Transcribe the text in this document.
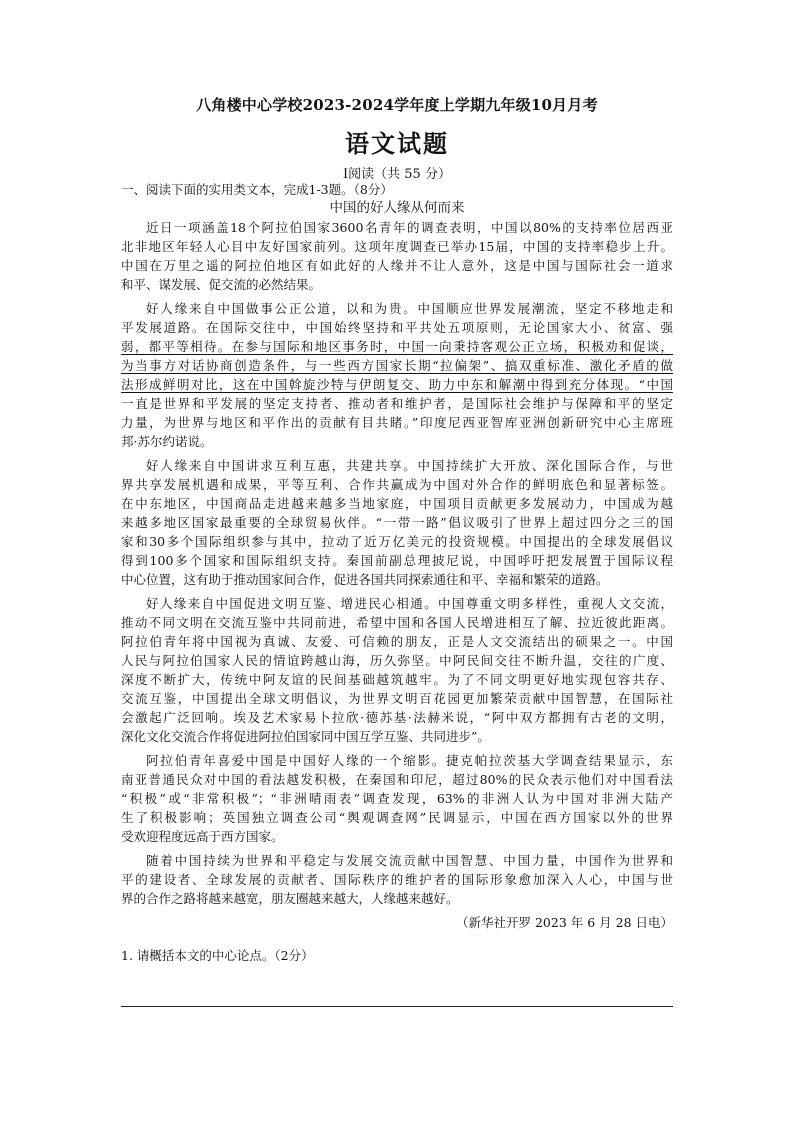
八角楼中心学校2023-2024学年度上学期九年级10月月考
语文试题
Ⅰ阅读（共 55 分）
一、阅读下面的实用类文本，完成1-3题。（8分）
中国的好人缘从何而来
近日一项涵盖18个阿拉伯国家3600名青年的调查表明，中国以80%的支持率位居西亚
北非地区年轻人心目中友好国家前列。这项年度调查已举办15届，中国的支持率稳步上升。
中国在万里之遥的阿拉伯地区有如此好的人缘并不让人意外，这是中国与国际社会一道求
和平、谋发展、促交流的必然结果。
好人缘来自中国做事公正公道，以和为贵。中国顺应世界发展潮流，坚定不移地走和
平发展道路。在国际交往中，中国始终坚持和平共处五项原则，无论国家大小、贫富、强
弱，都平等相待。在参与国际和地区事务时，中国一向秉持客观公正立场，积极劝和促谈，
为当事方对话协商创造条件，与一些西方国家长期“拉偏架”、搞双重标准、激化矛盾的做
法形成鲜明对比，这在中国斡旋沙特与伊朗复交、助力中东和解潮中得到充分体现。“中国
一直是世界和平发展的坚定支持者、推动者和维护者，是国际社会维护与保障和平的坚定
力量，为世界与地区和平作出的贡献有目共睹。”印度尼西亚智库亚洲创新研究中心主席班
邦·苏尔约诺说。
好人缘来自中国讲求互利互惠，共建共享。中国持续扩大开放、深化国际合作，与世
界共享发展机遇和成果，平等互利、合作共赢成为中国对外合作的鲜明底色和显著标签。
在中东地区，中国商品走进越来越多当地家庭，中国项目贡献更多发展动力，中国成为越
来越多地区国家最重要的全球贸易伙伴。“一带一路”倡议吸引了世界上超过四分之三的国
家和30多个国际组织参与其中，拉动了近万亿美元的投资规模。中国提出的全球发展倡议
得到100多个国家和国际组织支持。秦国前副总理披尼说，中国呼吁把发展置于国际议程
中心位置，这有助于推动国家间合作，促进各国共同探索通往和平、幸福和繁荣的道路。
好人缘来自中国促进文明互鉴、增进民心相通。中国尊重文明多样性，重视人文交流，
推动不同文明在交流互鉴中共同前进，希望中国和各国人民增进相互了解、拉近彼此距离。
阿拉伯青年将中国视为真诚、友爱、可信赖的朋友，正是人文交流结出的硕果之一。中国
人民与阿拉伯国家人民的情谊跨越山海，历久弥坚。中阿民间交往不断升温，交往的广度、
深度不断扩大，传统中阿友谊的民间基础越筑越牢。为了不同文明更好地实现包容共存、
交流互鉴，中国提出全球文明倡议，为世界文明百花园更加繁荣贡献中国智慧，在国际社
会激起广泛回响。埃及艺术家易卜拉欣·德苏基·法赫米说，“阿中双方都拥有古老的文明，
深化文化交流合作将促进阿拉伯国家同中国互学互鉴、共同进步”。
阿拉伯青年喜爱中国是中国好人缘的一个缩影。捷克帕拉茨基大学调查结果显示，东
南亚普通民众对中国的看法越发积极，在秦国和印尼，超过80%的民众表示他们对中国看法
“积极”或“非常积极”；“非洲晴雨表”调查发现，63%的非洲人认为中国对非洲大陆产
生了积极影响；英国独立调查公司“舆观调查网”民调显示，中国在西方国家以外的世界
受欢迎程度远高于西方国家。
随着中国持续为世界和平稳定与发展交流贡献中国智慧、中国力量，中国作为世界和
平的建设者、全球发展的贡献者、国际秩序的维护者的国际形象愈加深入人心，中国与世
界的合作之路将越来越宽，朋友圈越来越大，人缘越来越好。
（新华社开罗 2023 年 6 月 28 日电）
1. 请概括本文的中心论点。（2分）
